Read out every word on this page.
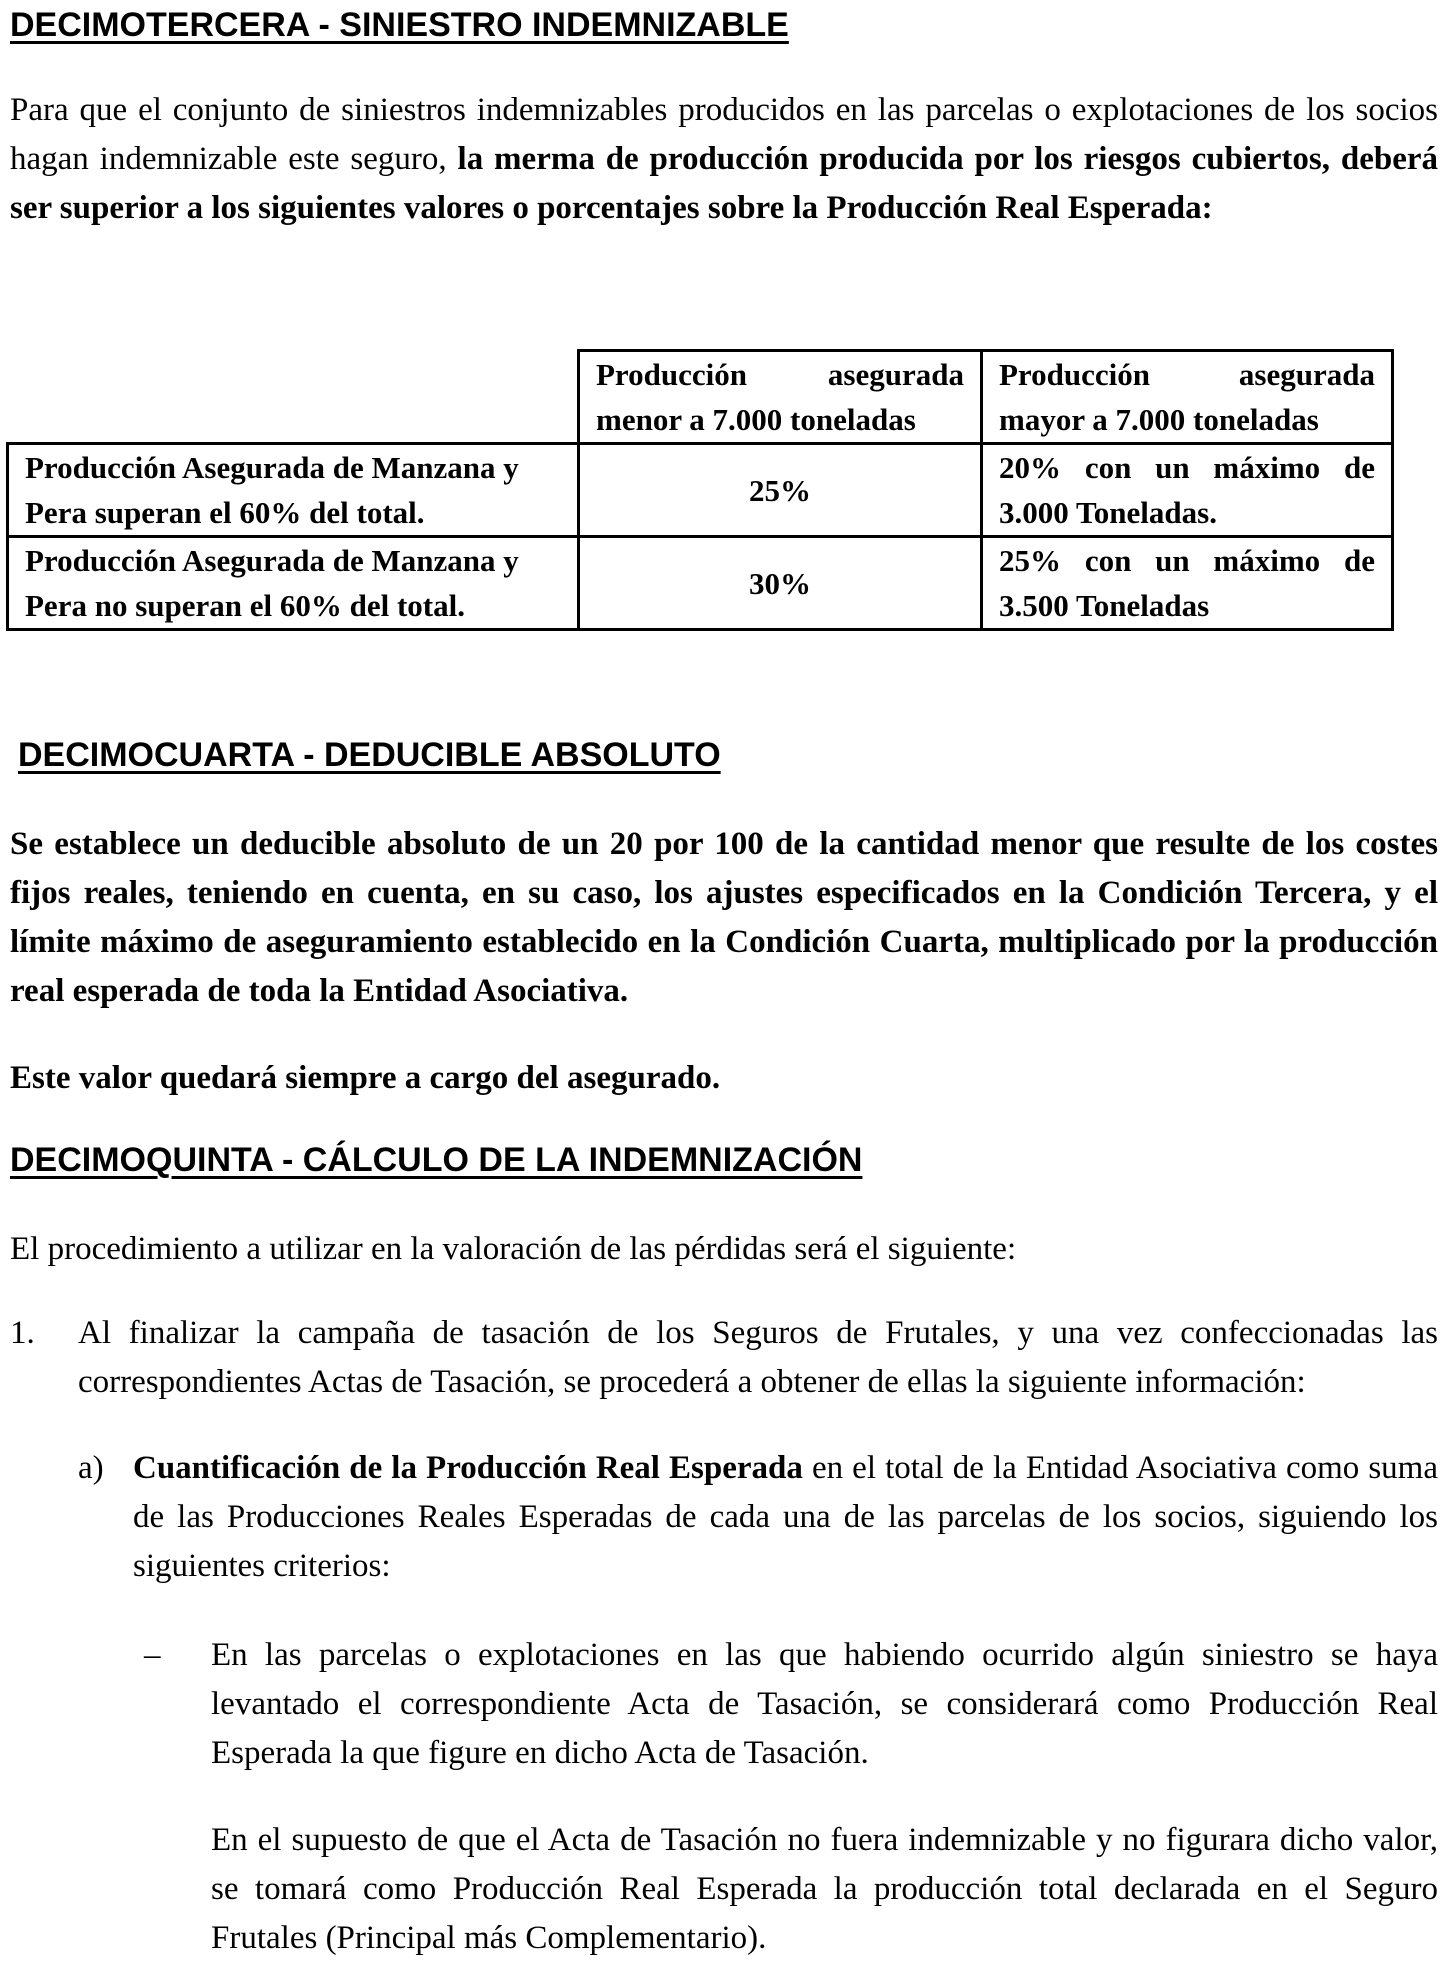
DECIMOTERCERA - SINIESTRO INDEMNIZABLE

Para que el conjunto de siniestros indemnizables producidos en las parcelas o explotaciones de los socios hagan indemnizable este seguro, la merma de producción producida por los riesgos cubiertos, deberá ser superior a los siguientes valores o porcentajes sobre la Producción Real Esperada:

	Producción asegurada menor a 7.000 toneladas	Producción asegurada mayor a 7.000 toneladas
Producción Asegurada de Manzana y Pera superan el 60% del total.	25%	20% con un máximo de 3.000 Toneladas.
Producción Asegurada de Manzana y Pera no superan el 60% del total.	30%	25% con un máximo de 3.500 Toneladas
DECIMOCUARTA - DEDUCIBLE ABSOLUTO

Se establece un deducible absoluto de un 20 por 100 de la cantidad menor que resulte de los costes fijos reales, teniendo en cuenta, en su caso, los ajustes especificados en la Condición Tercera, y el límite máximo de aseguramiento establecido en la Condición Cuarta, multiplicado por la producción real esperada de toda la Entidad Asociativa.

Este valor quedará siempre a cargo del asegurado.

DECIMOQUINTA - CÁLCULO DE LA INDEMNIZACIÓN

El procedimiento a utilizar en la valoración de las pérdidas será el siguiente:

1. Al finalizar la campaña de tasación de los Seguros de Frutales, y una vez confeccionadas las correspondientes Actas de Tasación, se procederá a obtener de ellas la siguiente información:

a) Cuantificación de la Producción Real Esperada en el total de la Entidad Asociativa como suma de las Producciones Reales Esperadas de cada una de las parcelas de los socios, siguiendo los siguientes criterios:

– En las parcelas o explotaciones en las que habiendo ocurrido algún siniestro se haya levantado el correspondiente Acta de Tasación, se considerará como Producción Real Esperada la que figure en dicho Acta de Tasación.

En el supuesto de que el Acta de Tasación no fuera indemnizable y no figurara dicho valor, se tomará como Producción Real Esperada la producción total declarada en el Seguro Frutales (Principal más Complementario).
